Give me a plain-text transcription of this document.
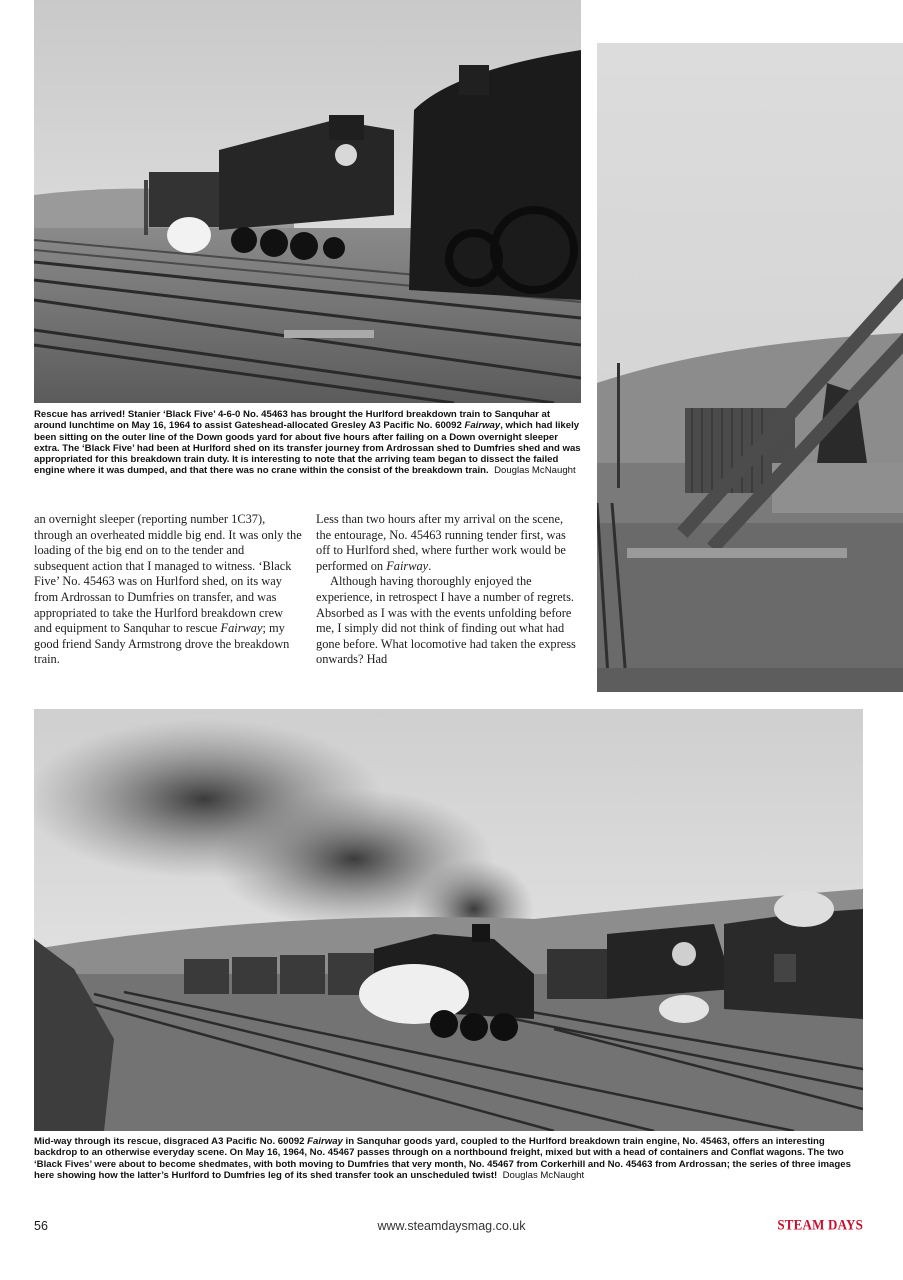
Rescue has arrived! Stanier ‘Black Five’ 4-6-0 No. 45463 has brought the Hurlford breakdown train to Sanquhar at around lunchtime on May 16, 1964 to assist Gateshead-allocated Gresley A3 Pacific No. 60092 Fairway, which had likely been sitting on the outer line of the Down goods yard for about five hours after failing on a Down overnight sleeper extra. The ‘Black Five’ had been at Hurlford shed on its transfer journey from Ardrossan shed to Dumfries shed and was appropriated for this breakdown train duty. It is interesting to note that the arriving team began to dissect the failed engine where it was dumped, and that there was no crane within the consist of the breakdown train. Douglas McNaught

an overnight sleeper (reporting number 1C37), through an overheated middle big end. It was only the loading of the big end on to the tender and subsequent action that I managed to witness. ‘Black Five’ No. 45463 was on Hurlford shed, on its way from Ardrossan to Dumfries on transfer, and was appropriated to take the Hurlford breakdown crew and equipment to Sanquhar to rescue Fairway; my good friend Sandy Armstrong drove the breakdown train.

Less than two hours after my arrival on the scene, the entourage, No. 45463 running tender first, was off to Hurlford shed, where further work would be performed on Fairway.

Although having thoroughly enjoyed the experience, in retrospect I have a number of regrets. Absorbed as I was with the events unfolding before me, I simply did not think of finding out what had gone before. What locomotive had taken the express onwards? Had

Mid-way through its rescue, disgraced A3 Pacific No. 60092 Fairway in Sanquhar goods yard, coupled to the Hurlford breakdown train engine, No. 45463, offers an interesting backdrop to an otherwise everyday scene. On May 16, 1964, No. 45467 passes through on a northbound freight, mixed but with a head of containers and Conflat wagons. The two ‘Black Fives’ were about to become shedmates, with both moving to Dumfries that very month, No. 45467 from Corkerhill and No. 45463 from Ardrossan; the series of three images here showing how the latter’s Hurlford to Dumfries leg of its shed transfer took an unscheduled twist! Douglas McNaught

56	www.steamdaysmag.co.uk	STEAM DAYS
